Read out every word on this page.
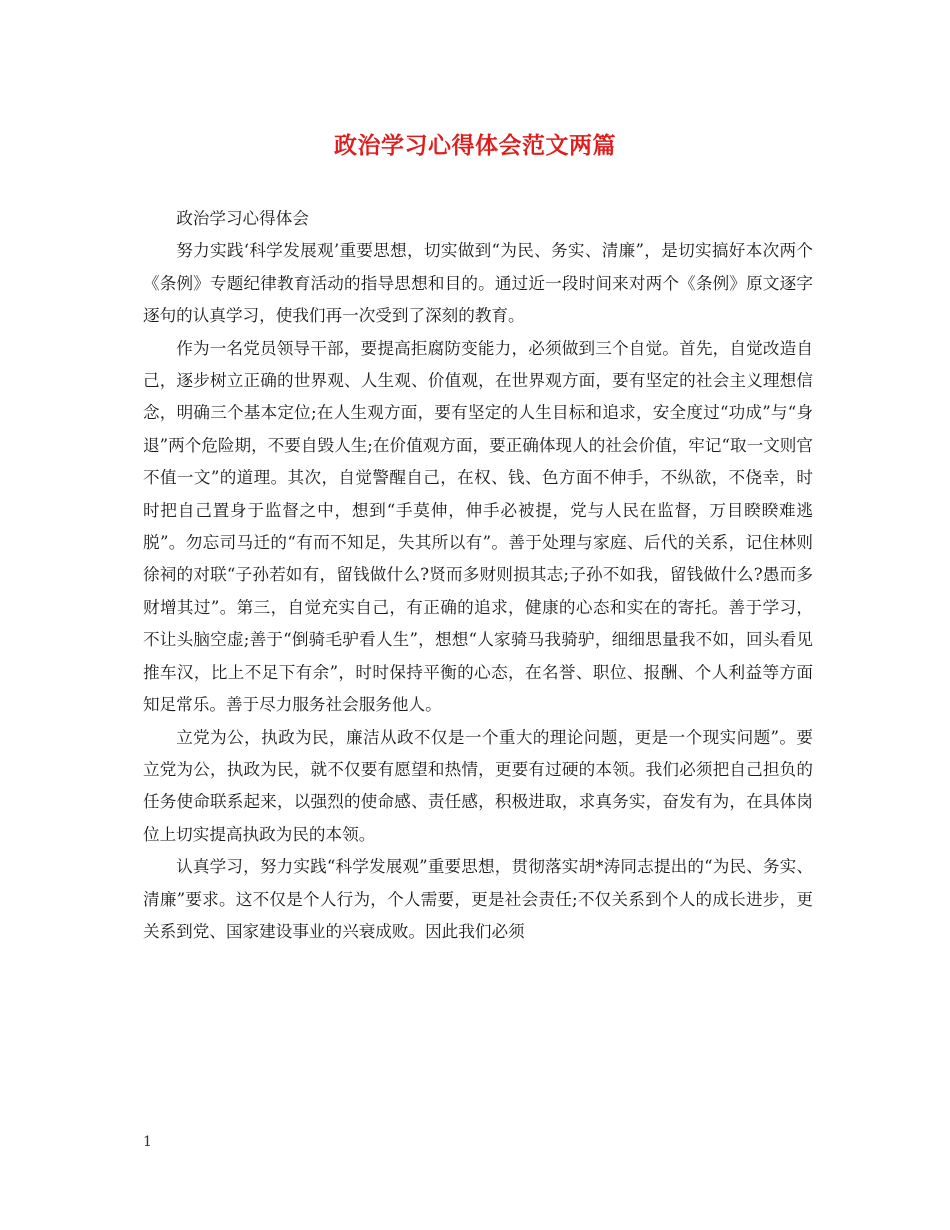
政治学习心得体会范文两篇

政治学习心得体会

努力实践‘科学发展观’重要思想，切实做到“为民、务实、清廉”，是切实搞好本次两个《条例》专题纪律教育活动的指导思想和目的。通过近一段时间来对两个《条例》原文逐字逐句的认真学习，使我们再一次受到了深刻的教育。

作为一名党员领导干部，要提高拒腐防变能力，必须做到三个自觉。首先，自觉改造自己，逐步树立正确的世界观、人生观、价值观，在世界观方面，要有坚定的社会主义理想信念，明确三个基本定位;在人生观方面，要有坚定的人生目标和追求，安全度过“功成”与“身退”两个危险期，不要自毁人生;在价值观方面，要正确体现人的社会价值，牢记“取一文则官不值一文”的道理。其次，自觉警醒自己，在权、钱、色方面不伸手，不纵欲，不侥幸，时时把自己置身于监督之中，想到“手莫伸，伸手必被提，党与人民在监督，万目睽睽难逃脱”。勿忘司马迁的“有而不知足，失其所以有”。善于处理与家庭、后代的关系，记住林则徐祠的对联“子孙若如有，留钱做什么?贤而多财则损其志;子孙不如我，留钱做什么?愚而多财增其过”。第三，自觉充实自己，有正确的追求，健康的心态和实在的寄托。善于学习，不让头脑空虚;善于“倒骑毛驴看人生”，想想“人家骑马我骑驴，细细思量我不如，回头看见推车汉，比上不足下有余”，时时保持平衡的心态，在名誉、职位、报酬、个人利益等方面知足常乐。善于尽力服务社会服务他人。

立党为公，执政为民，廉洁从政不仅是一个重大的理论问题，更是一个现实问题”。要立党为公，执政为民，就不仅要有愿望和热情，更要有过硬的本领。我们必须把自己担负的任务使命联系起来，以强烈的使命感、责任感，积极进取，求真务实，奋发有为，在具体岗位上切实提高执政为民的本领。

认真学习，努力实践“科学发展观”重要思想，贯彻落实胡*涛同志提出的“为民、务实、清廉”要求。这不仅是个人行为，个人需要，更是社会责任;不仅关系到个人的成长进步，更关系到党、国家建设事业的兴衰成败。因此我们必须

1
